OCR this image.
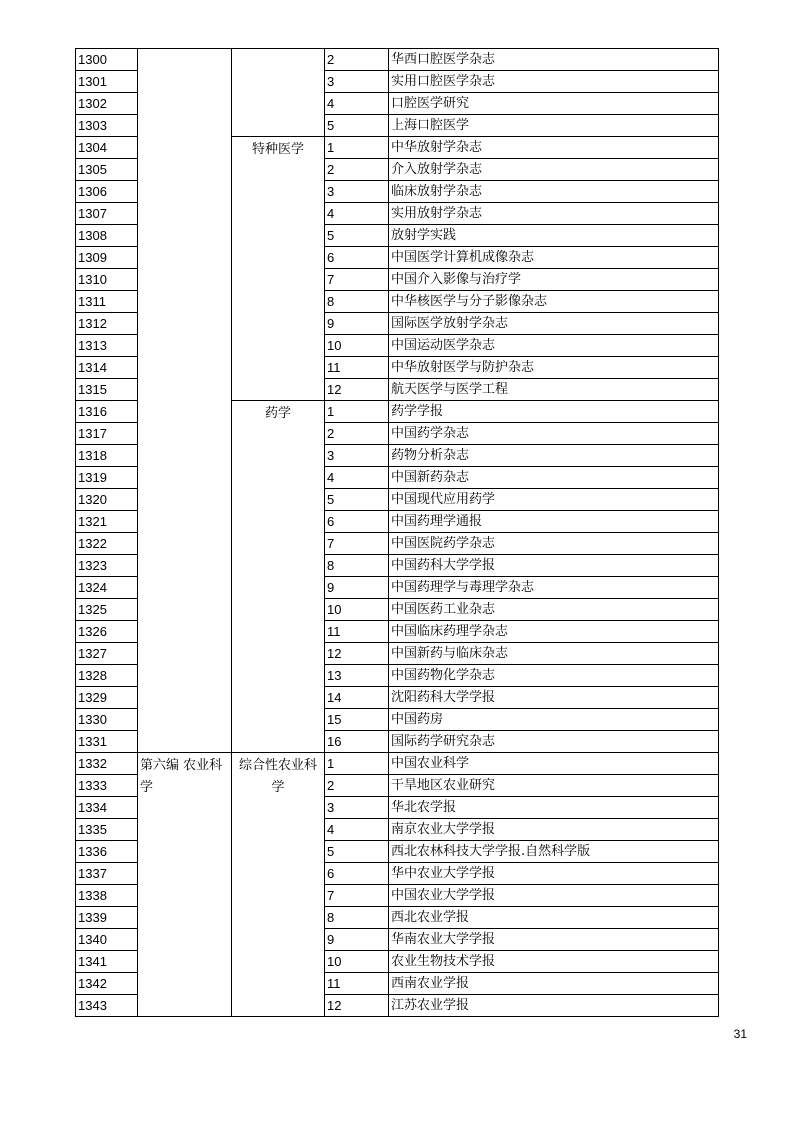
1300			2	华西口腔医学杂志
1301			3	实用口腔医学杂志
1302			4	口腔医学研究
1303			5	上海口腔医学
1304		特种医学	1	中华放射学杂志
1305			2	介入放射学杂志
1306			3	临床放射学杂志
1307			4	实用放射学杂志
1308			5	放射学实践
1309			6	中国医学计算机成像杂志
1310			7	中国介入影像与治疗学
1311			8	中华核医学与分子影像杂志
1312			9	国际医学放射学杂志
1313			10	中国运动医学杂志
1314			11	中华放射医学与防护杂志
1315			12	航天医学与医学工程
1316		药学	1	药学学报
1317			2	中国药学杂志
1318			3	药物分析杂志
1319			4	中国新药杂志
1320			5	中国现代应用药学
1321			6	中国药理学通报
1322			7	中国医院药学杂志
1323			8	中国药科大学学报
1324			9	中国药理学与毒理学杂志
1325			10	中国医药工业杂志
1326			11	中国临床药理学杂志
1327			12	中国新药与临床杂志
1328			13	中国药物化学杂志
1329			14	沈阳药科大学学报
1330			15	中国药房
1331			16	国际药学研究杂志
1332	第六编 农业科学	综合性农业科学	1	中国农业科学
1333			2	干旱地区农业研究
1334			3	华北农学报
1335			4	南京农业大学学报
1336			5	西北农林科技大学学报.自然科学版
1337			6	华中农业大学学报
1338			7	中国农业大学学报
1339			8	西北农业学报
1340			9	华南农业大学学报
1341			10	农业生物技术学报
1342			11	西南农业学报
1343			12	江苏农业学报
31
